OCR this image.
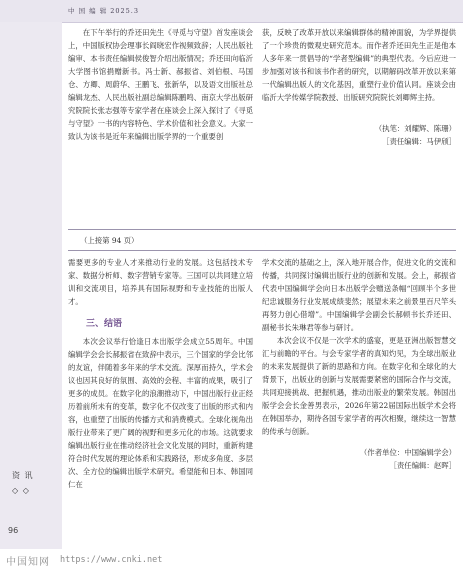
中 国 编 辑 2025.3
资 讯
◇ ◇

在下午举行的乔还田先生《寻觅与守望》首发座谈会上，中国版权协会理事长阎晓宏作视频致辞；人民出版社编审、本书责任编辑侯俊智介绍出版情况；乔还田向临沂大学图书馆捐赠新书。冯士新、郝振省、刘伯根、马国仓、方卿、周蔚华、王鹏飞、张新华，以及语文出版社总编辑龙杰、人民出版社副总编辑陈鹏鸣、南京大学出版研究院院长张志强等专家学者在座谈会上深入探讨了《寻觅与守望》一书的内容特色、学术价值和社会意义。大家一致认为该书是近年来编辑出版学界的一个重要创

获，反映了改革开放以来编辑群体的精神面貌，为学界提供了一个珍贵的微观史研究范本。而作者乔还田先生正是他本人多年来一贯倡导的“学者型编辑”的典型代表。今后应进一步加强对该书和该书作者的研究，以期解码改革开放以来第一代编辑出版人的文化基因，重塑行业价值认同。座谈会由临沂大学传媒学院教授、出版研究院院长刘卿辉主持。

（执笔：刘耀辉、陈珊）

［责任编辑：马伊颀］

（上接第 94 页）

需要更多的专业人才来推动行业的发展。这包括技术专家、数据分析师、数字营销专家等。三国可以共同建立培训和交流项目，培养具有国际视野和专业技能的出版人才。

三、结语

本次会议举行恰逢日本出版学会成立55周年。中国编辑学会会长郝振省在致辞中表示，三个国家的学会比邻的友谊，伴随着多年来的学术交流。深厚而持久，学术会议也因其良好的氛围、高效的会程、丰富的成果，吸引了更多的成员。在数字化的浪潮推动下，中国出版行业正经历着前所未有的变革，数字化不仅改变了出版的形式和内容，也重塑了出版的传播方式和消费模式。全球化视角出版行业带来了更广阔的视野和更多元化的市场。这就要求编辑出版行业在推动经济社会文化发展的同时，重新构建符合时代发展的理论体系和实践路径，形成多角度、多层次、全方位的编辑出版学术研究。希望能和日本、韩国同仁在

学术交流的基础之上，深入地开展合作，促进文化的交流和传播，共同探讨编辑出版行业的创新和发展。会上，郝振省代表中国编辑学会向日本出版学会赠送条幅“回顾半个多世纪忠诚服务行业发展成绩斐然；展望未来之前景里百尺竿头再努力创心借增”。中国编辑学会副会长郝顿书长乔还田、副秘书长朱琳君等参与研讨。

本次会议不仅是一次学术的盛宴，更是亚洲出版智慧交汇与前瞻的平台。与会专家学者的真知灼见，为全球出版业的未来发展提供了新的思路和方向。在数字化和全球化的大背景下，出版业的创新与发展需要紧密的国际合作与交流，共同迎接挑战、把握机遇，推动出版业的繁荣发展。韩国出版学会会长金善男表示，2026年第22届国际出版学术会将在韩国举办，期待各国专家学者的再次相聚，继续这一智慧的传承与创新。

（作者单位：中国编辑学会）

［责任编辑：赵晖］

96
中国知网 https://www.cnki.net
